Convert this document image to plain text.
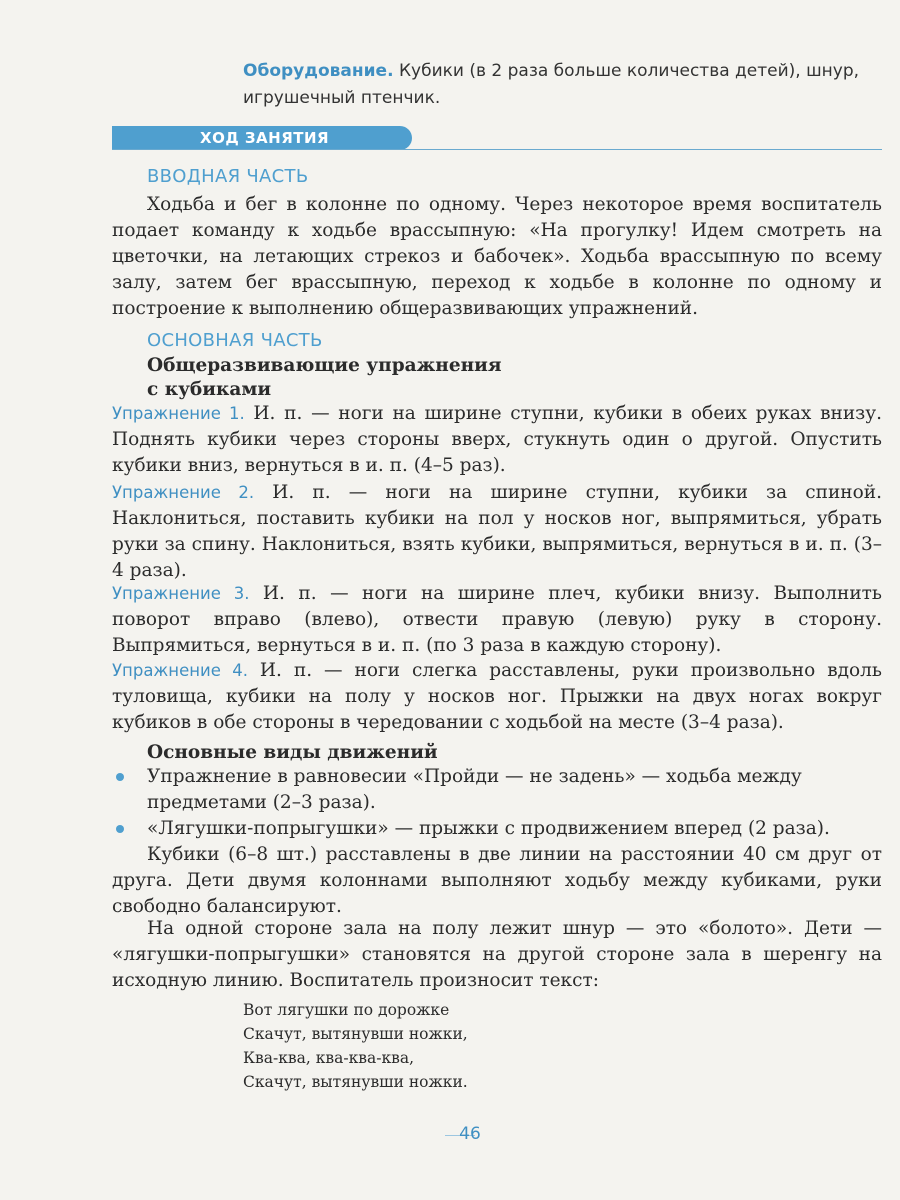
Оборудование. Кубики (в 2 раза больше количества детей), шнур, игрушечный птенчик.
ХОД ЗАНЯТИЯ
ВВОДНАЯ ЧАСТЬ
Ходьба и бег в колонне по одному. Через некоторое время воспитатель подает команду к ходьбе врассыпную: «На прогулку! Идем смотреть на цветочки, на летающих стрекоз и бабочек». Ходьба врассыпную по всему залу, затем бег врассыпную, переход к ходьбе в колонне по одному и построение к выполнению общеразвивающих упражнений.
ОСНОВНАЯ ЧАСТЬ
Общеразвивающие упражнения
с кубиками
Упражнение 1. И. п. — ноги на ширине ступни, кубики в обеих руках внизу. Поднять кубики через стороны вверх, стукнуть один о другой. Опустить кубики вниз, вернуться в и. п. (4–5 раз).
Упражнение 2. И. п. — ноги на ширине ступни, кубики за спиной. Наклониться, поставить кубики на пол у носков ног, выпрямиться, убрать руки за спину. Наклониться, взять кубики, выпрямиться, вернуться в и. п. (3–4 раза).
Упражнение 3. И. п. — ноги на ширине плеч, кубики внизу. Выполнить поворот вправо (влево), отвести правую (левую) руку в сторону. Выпрямиться, вернуться в и. п. (по 3 раза в каждую сторону).
Упражнение 4. И. п. — ноги слегка расставлены, руки произвольно вдоль туловища, кубики на полу у носков ног. Прыжки на двух ногах вокруг кубиков в обе стороны в чередовании с ходьбой на месте (3–4 раза).
Основные виды движений
Упражнение в равновесии «Пройди — не задень» — ходьба между предметами (2–3 раза).
«Лягушки-попрыгушки» — прыжки с продвижением вперед (2 раза).
Кубики (6–8 шт.) расставлены в две линии на расстоянии 40 см друг от друга. Дети двумя колоннами выполняют ходьбу между кубиками, руки свободно балансируют.
На одной стороне зала на полу лежит шнур — это «болото». Дети — «лягушки-попрыгушки» становятся на другой стороне зала в шеренгу на исходную линию. Воспитатель произносит текст:
Вот лягушки по дорожке
Скачут, вытянувши ножки,
Ква-ква, ква-ква-ква,
Скачут, вытянувши ножки.
46
